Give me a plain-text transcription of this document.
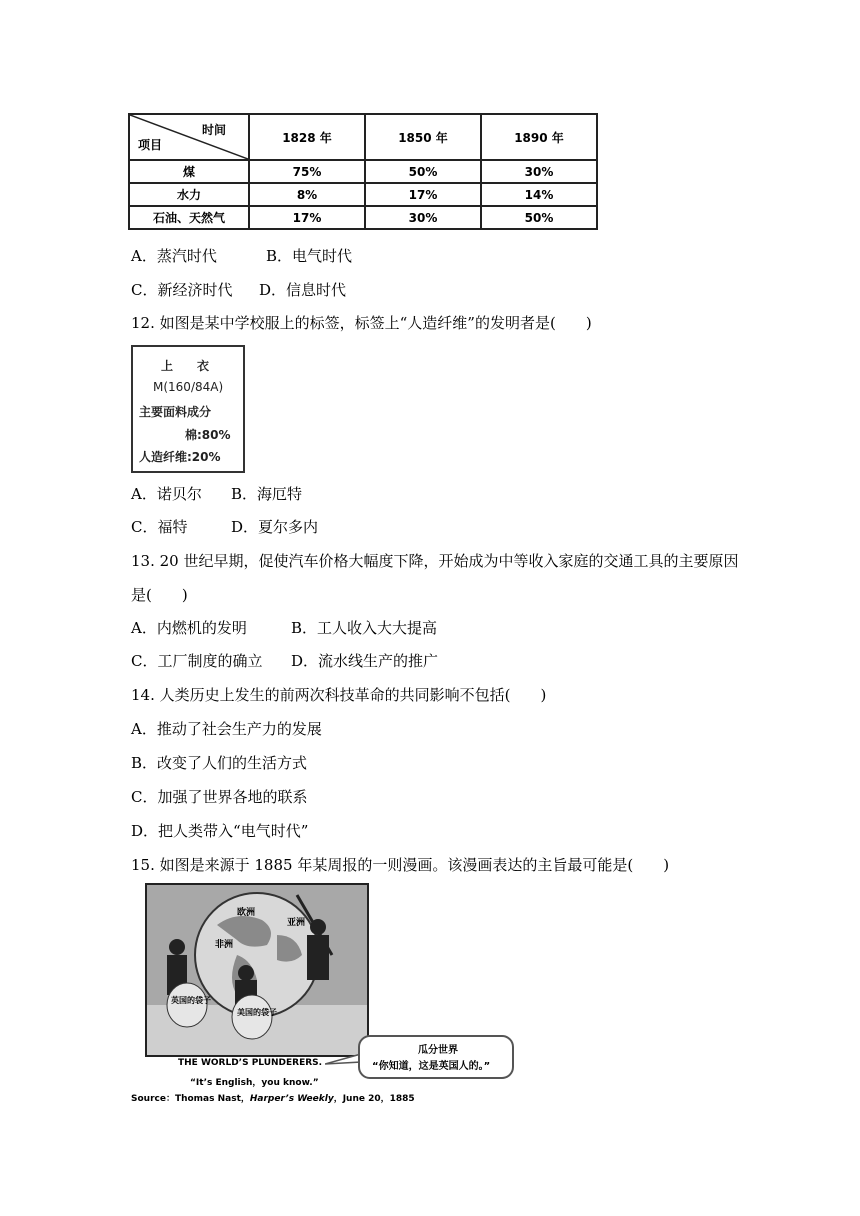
时间
项目	1828 年	1850 年	1890 年
煤	75%	50%	30%
水力	8%	17%	14%
石油、天然气	17%	30%	50%
A．蒸汽时代	B．电气时代
C．新经济时代 D．信息时代
12. 如图是某中学校服上的标签，标签上“人造纤维”的发明者是(　　)
上　　衣
M(160/84A)
主要面料成分
棉:80%
人造纤维:20%
A．诺贝尔 B．海厄特
C．福特	D．夏尔多内
13. 20 世纪早期，促使汽车价格大幅度下降，开始成为中等收入家庭的交通工具的主要原因
是(　　)
A．内燃机的发明	B．工人收入大大提高
C．工厂制度的确立 D．流水线生产的推广
14. 人类历史上发生的前两次科技革命的共同影响不包括(　　)
A．推动了社会生产力的发展
B．改变了人们的生活方式
C．加强了世界各地的联系
D．把人类带入“电气时代”
15. 如图是来源于 1885 年某周报的一则漫画。该漫画表达的主旨最可能是(　　)
欧洲
亚洲
非洲
美国的袋子
英国的袋子
瓜分世界
“你知道，这是英国人的。”
THE WORLD’S PLUNDERERS.
“It’s English，you know.”
Source：Thomas Nast，Harper’s Weekly，June 20，1885
